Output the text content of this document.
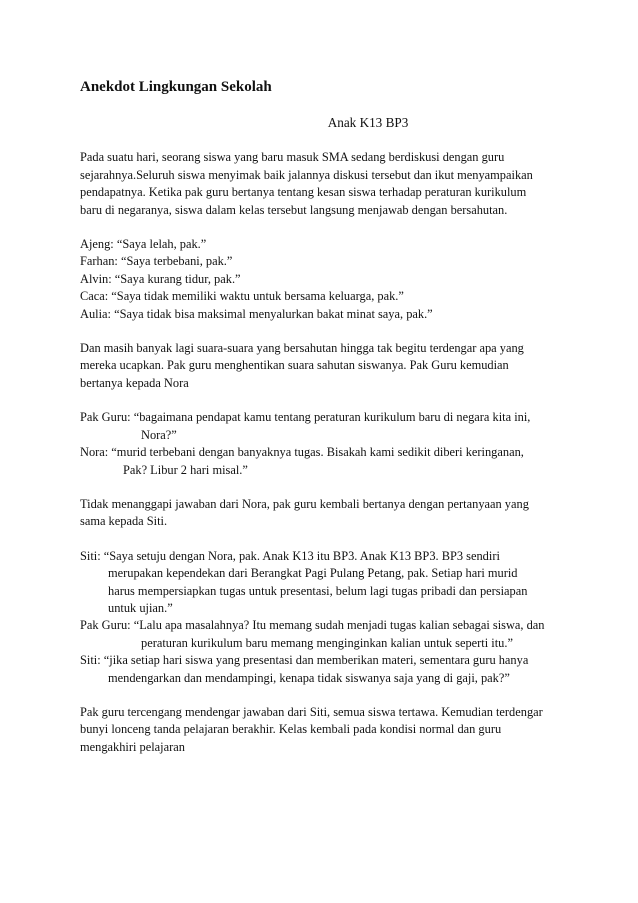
Anekdot Lingkungan Sekolah
Anak K13 BP3

Pada suatu hari, seorang siswa yang baru masuk SMA sedang berdiskusi dengan guru
sejarahnya.Seluruh siswa menyimak baik jalannya diskusi tersebut dan ikut menyampaikan
pendapatnya. Ketika pak guru bertanya tentang kesan siswa terhadap peraturan kurikulum
baru di negaranya, siswa dalam kelas tersebut langsung menjawab dengan bersahutan.

Ajeng: “Saya lelah, pak.”
Farhan: “Saya terbebani, pak.”
Alvin: “Saya kurang tidur, pak.”
Caca: “Saya tidak memiliki waktu untuk bersama keluarga, pak.”
Aulia: “Saya tidak bisa maksimal menyalurkan bakat minat saya, pak.”

Dan masih banyak lagi suara-suara yang bersahutan hingga tak begitu terdengar apa yang
mereka ucapkan. Pak guru menghentikan suara sahutan siswanya. Pak Guru kemudian
bertanya kepada Nora

Pak Guru: “bagaimana pendapat kamu tentang peraturan kurikulum baru di negara kita ini,
Nora?”
Nora: “murid terbebani dengan banyaknya tugas. Bisakah kami sedikit diberi keringanan,
Pak? Libur 2 hari misal.”

Tidak menanggapi jawaban dari Nora, pak guru kembali bertanya dengan pertanyaan yang
sama kepada Siti.

Siti: “Saya setuju dengan Nora, pak. Anak K13 itu BP3. Anak K13 BP3. BP3 sendiri
merupakan kependekan dari Berangkat Pagi Pulang Petang, pak. Setiap hari murid
harus mempersiapkan tugas untuk presentasi, belum lagi tugas pribadi dan persiapan
untuk ujian.”
Pak Guru: “Lalu apa masalahnya? Itu memang sudah menjadi tugas kalian sebagai siswa, dan
peraturan kurikulum baru memang menginginkan kalian untuk seperti itu.”
Siti: “jika setiap hari siswa yang presentasi dan memberikan materi, sementara guru hanya
mendengarkan dan mendampingi, kenapa tidak siswanya saja yang di gaji, pak?”

Pak guru tercengang mendengar jawaban dari Siti, semua siswa tertawa. Kemudian terdengar
bunyi lonceng tanda pelajaran berakhir. Kelas kembali pada kondisi normal dan guru
mengakhiri pelajaran
